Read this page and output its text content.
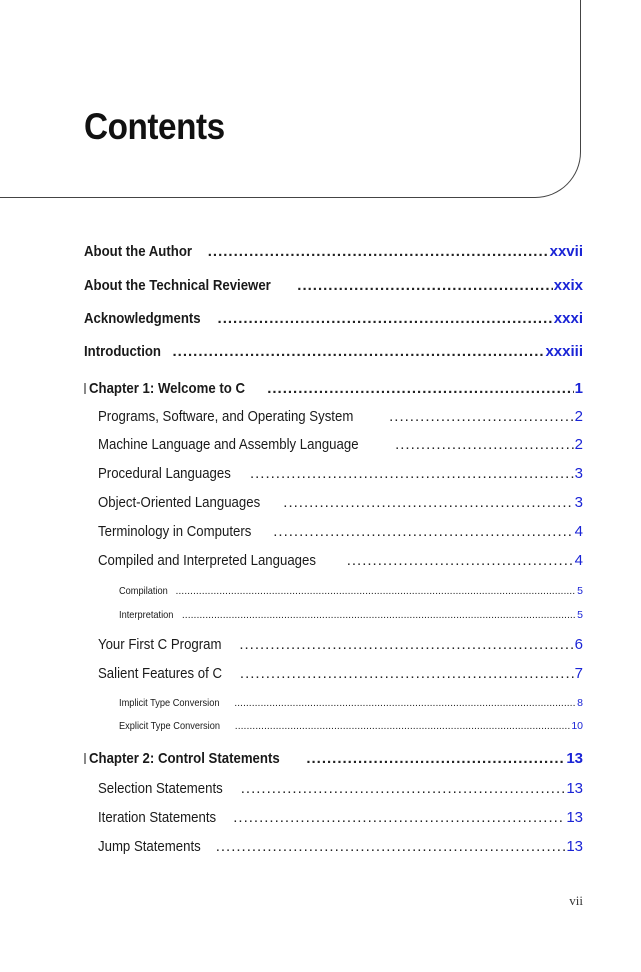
Contents
About the Author .....	xxvii
About the Technical Reviewer .....	xxix
Acknowledgments .....	xxxi
Introduction .....	xxxiii
Chapter 1: Welcome to C .....	1
Programs, Software, and Operating System .....	2
Machine Language and Assembly Language .....	2
Procedural Languages .....	3
Object-Oriented Languages .....	3
Terminology in Computers .....	4
Compiled and Interpreted Languages .....	4
Compilation .....	5
Interpretation .....	5
Your First C Program .....	6
Salient Features of C .....	7
Implicit Type Conversion .....	8
Explicit Type Conversion .....	10
Chapter 2: Control Statements .....	13
Selection Statements .....	13
Iteration Statements .....	13
Jump Statements .....	13
vii
